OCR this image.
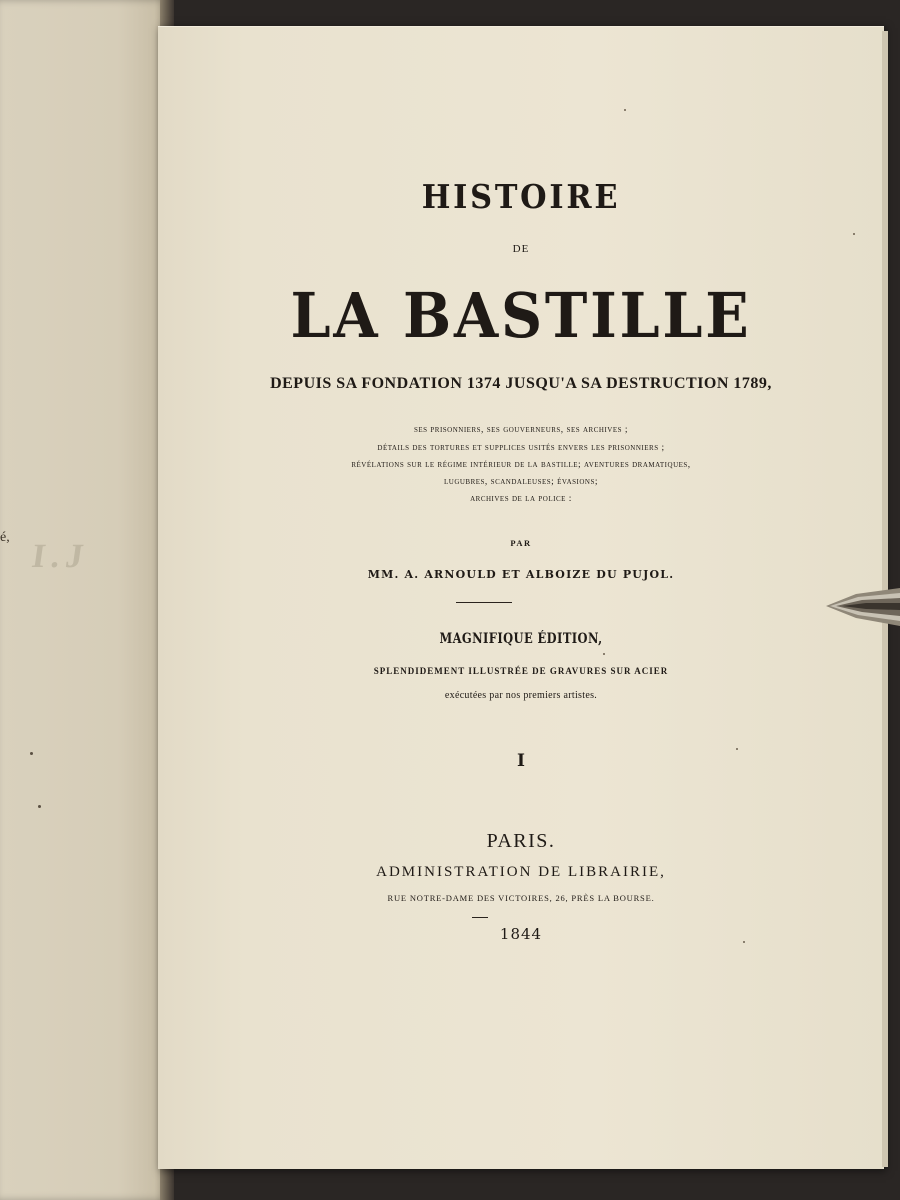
é,
I.J
HISTOIRE
DE
LA BASTILLE
DEPUIS SA FONDATION 1374 JUSQU'A SA DESTRUCTION 1789,
ses prisonniers, ses gouverneurs, ses archives ;
détails des tortures et supplices usités envers les prisonniers ;
révélations sur le régime intérieur de la bastille; aventures dramatiques,
lugubres, scandaleuses; évasions;
archives de la police :
PAR
MM. A. ARNOULD ET ALBOIZE DU PUJOL.
MAGNIFIQUE ÉDITION,
SPLENDIDEMENT ILLUSTRÉE DE GRAVURES SUR ACIER
exécutées par nos premiers artistes.
I
PARIS.
ADMINISTRATION DE LIBRAIRIE,
RUE NOTRE-DAME DES VICTOIRES, 26, PRÈS LA BOURSE.
1844
